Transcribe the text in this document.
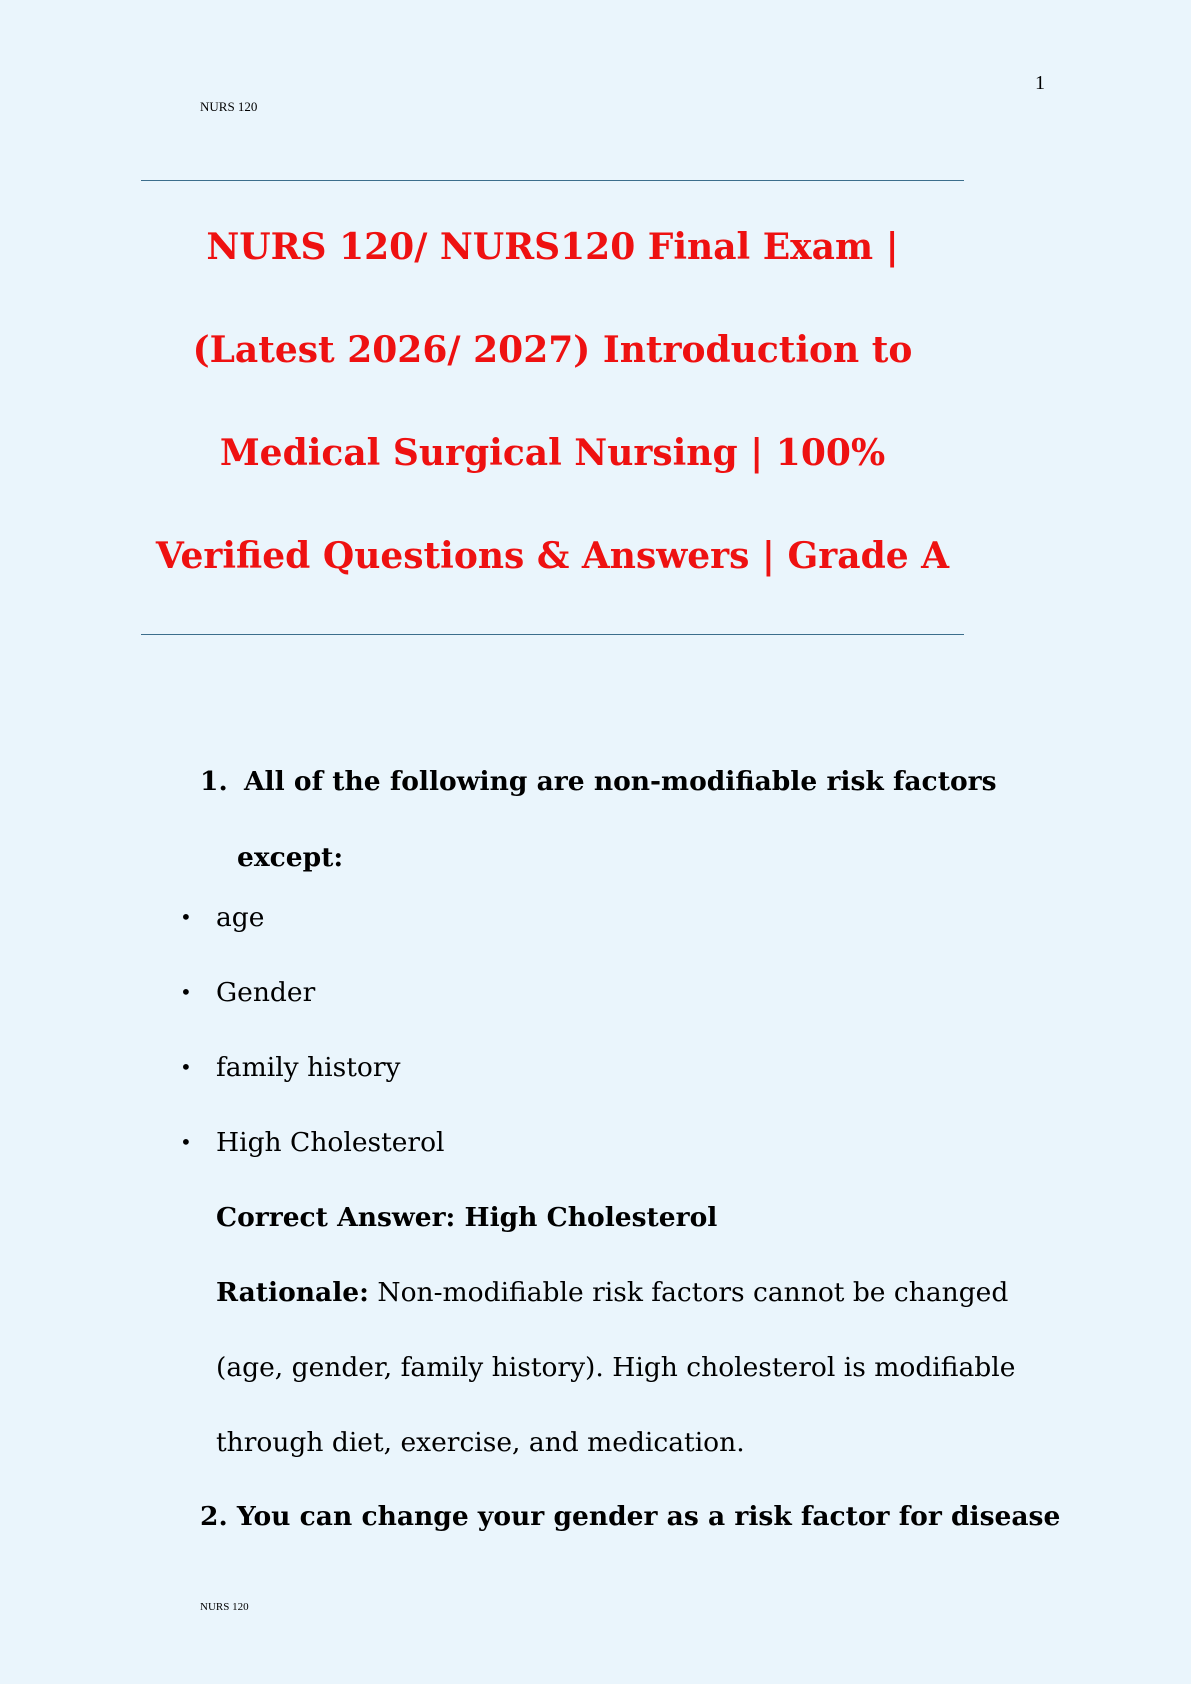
NURS 120
1
NURS 120/ NURS120 Final Exam |
(Latest 2026/ 2027) Introduction to
Medical Surgical Nursing | 100%
Verified Questions & Answers | Grade A
1. All of the following are non-modifiable risk factors
except:
• age
• Gender
• family history
• High Cholesterol
Correct Answer: High Cholesterol
Rationale: Non-modifiable risk factors cannot be changed
(age, gender, family history). High cholesterol is modifiable
through diet, exercise, and medication.
2. You can change your gender as a risk factor for disease
NURS 120
